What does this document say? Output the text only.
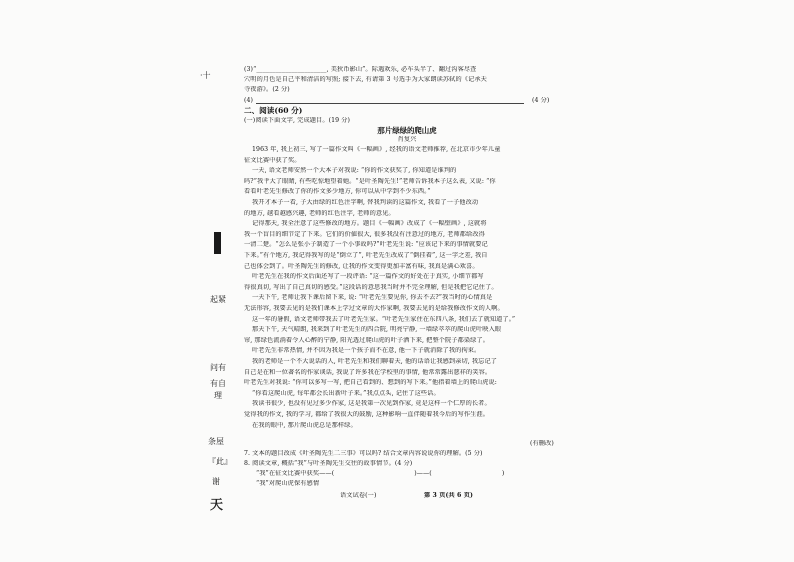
·十
起紧
问有
有自
理
条屋
『此』
谢
天
(3)“______________________, 美狄币影山”。际遇欢乐, 必车头半了、翻过沟客尽查
穴明的月色是自己平和清洁的写照; 接下去, 有请第 3 号选手为大家朗读苏轼的《记承天
寺夜游》。(2 分)
(4)	(4 分)
二、阅读(60 分)
(一)阅读下面文字, 完成题目。(19 分)
那片绿绿的爬山虎
肖复兴
1963 年, 我上初三, 写了一篇作文叫《一幅画》, 经我的语文老师推荐, 在北京市少年儿童
征文比赛中获了奖。
一天, 语文老师安然一个大本子对我说: “你的作文获奖了, 你知道是谁判的
吗?”我肀大了眼睛, 有些吃惊地望着她。“是叶圣陶先生!”老师告诉我本子这么表, 又说: “你
看看叶老先生修改了你的作文多少地方, 你可以从中学到不少东西。”
我开才本子一看, 子大由绿的红色注字啊, 替我判读的这篇作文, 我看了一子他改动
的地方, 越看越感兴趣, 老师的红色注字, 老师的意见。
记得那天, 我全注意了这些修改的地方。题目《一幅画》改成了《一幅壁画》, 这就将
我一个盲目的细节定了下来。它们的价値很大, 很多我没有注意过的地方, 老师都给改得
一清二楚。“怎么是张小子制造了一个小事故吗?”叶老先生说: “应该记下来的事情就要记
下来。”有个地方, 我记得我写的是“倒立了”, 叶老先生改成了“倒挂着”, 这一字之差, 我自
己也体会到了。叶圣陶先生的修改, 让我的作文变得更加丰富有味, 我真是满心欢喜。
叶老先生在我的作文后面还写了一段评语: “这一篇作文的好处在于真实, 小细节都写
得很真切, 写出了自己真切的感受。”这段话的意思我当时并不完全理解, 但是我把它记住了。
一天下午, 老师让我下课后留下来, 说: “叶老先生要见你, 你去不去?”我当时的心情真是
无法形容, 我要去见的是我们课本上学过文章的大作家啊, 我要去见的是给我修改作文的人啊。
这一年的暑假, 语文老师带我去了叶老先生家。“叶老先生家住在东四八条, 我们去了就知道了。”
那天下午, 天气晴朗, 我来到了叶老先生的四合院, 明亮宁静, 一墙绿萃萃的爬山虎叶映入眼
帘, 那绿色流淌着令人心醉的宁静, 阳光透过爬山虎的叶子洒下来, 把整个院子都染绿了。
叶老先生非常热情, 并不因为我是一个孩子而不在意, 他一下子就消除了我的拘束。
我的老师是一个不大说话的人, 叶老先生和我们聊着天, 他的话语让我感到亲切, 我忘记了
自己是在和一位著名的作家谈话, 我说了许多我在学校里的事情, 他常常露出慈祥的笑容。
叶老先生对我说: “你可以多写一写, 把自己看到的、想到的写下来。”他指着墙上的爬山虎说:
“你看这爬山虎, 每年都会长出新叶子来。”我点点头, 记住了这些话。
我读书很少, 也没有见过多少作家, 这是我第一次见到作家, 竟是这样一个仁厚的长者。
觉得我的作文, 我的学习, 都给了我很大的鼓励, 这种影响一直伴随着我今后的写作生涯。
在我的眼中, 那片爬山虎总是那样绿。
(有删改)
7. 文本的题目改成《叶圣陶先生二三事》可以吗? 结合文章内容说说你的理解。(5 分)
8. 阅读文章, 概括“我”与叶圣陶先生交往的故事情节。(4 分)
“我”在征文比赛中获奖——(	)——(	)
“我”对爬山虎保有感情
语文试卷(一)	第 3 页(共 6 页)
